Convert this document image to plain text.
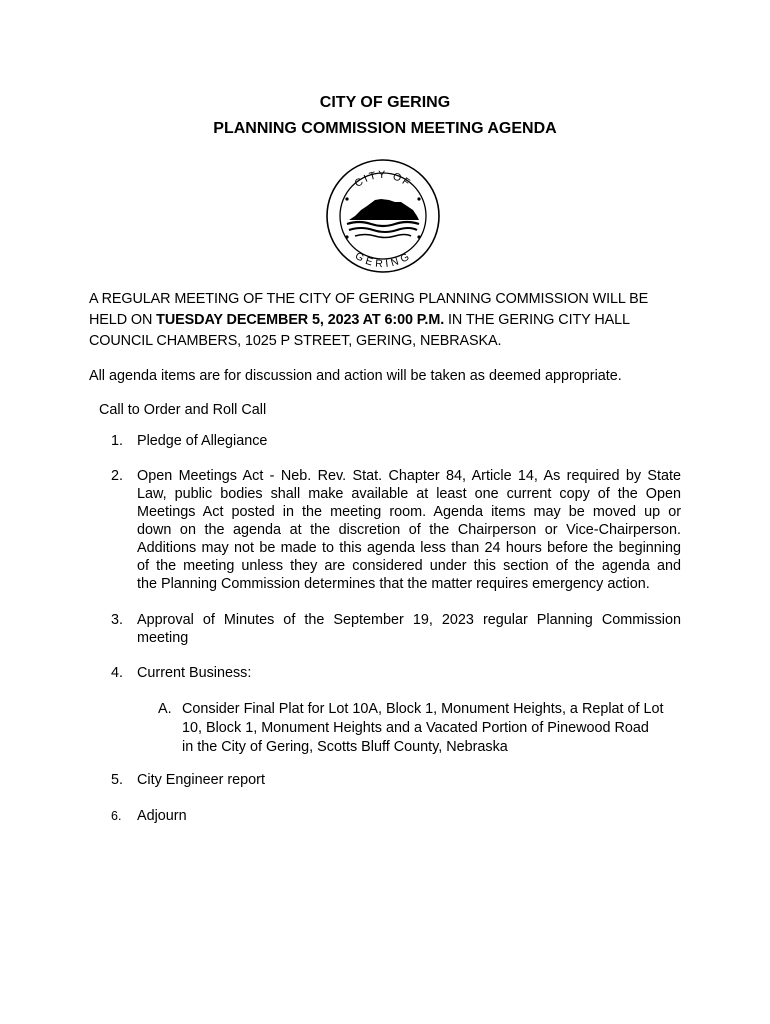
CITY OF GERING
PLANNING COMMISSION MEETING AGENDA
CITY OF
GERING
A REGULAR MEETING OF THE CITY OF GERING PLANNING COMMISSION WILL BE
HELD ON TUESDAY DECEMBER 5, 2023 AT 6:00 P.M. IN THE GERING CITY HALL
COUNCIL CHAMBERS, 1025 P STREET, GERING, NEBRASKA.
All agenda items are for discussion and action will be taken as deemed appropriate.
Call to Order and Roll Call
1. Pledge of Allegiance
2. Open Meetings Act - Neb. Rev. Stat. Chapter 84, Article 14, As required by State
Law, public bodies shall make available at least one current copy of the Open
Meetings Act posted in the meeting room. Agenda items may be moved up or
down on the agenda at the discretion of the Chairperson or Vice-Chairperson.
Additions may not be made to this agenda less than 24 hours before the beginning
of the meeting unless they are considered under this section of the agenda and
the Planning Commission determines that the matter requires emergency action.
3. Approval of Minutes of the September 19, 2023 regular Planning Commission
meeting
4. Current Business:
A. Consider Final Plat for Lot 10A, Block 1, Monument Heights, a Replat of Lot
10, Block 1, Monument Heights and a Vacated Portion of Pinewood Road
in the City of Gering, Scotts Bluff County, Nebraska
5. City Engineer report
6. Adjourn
